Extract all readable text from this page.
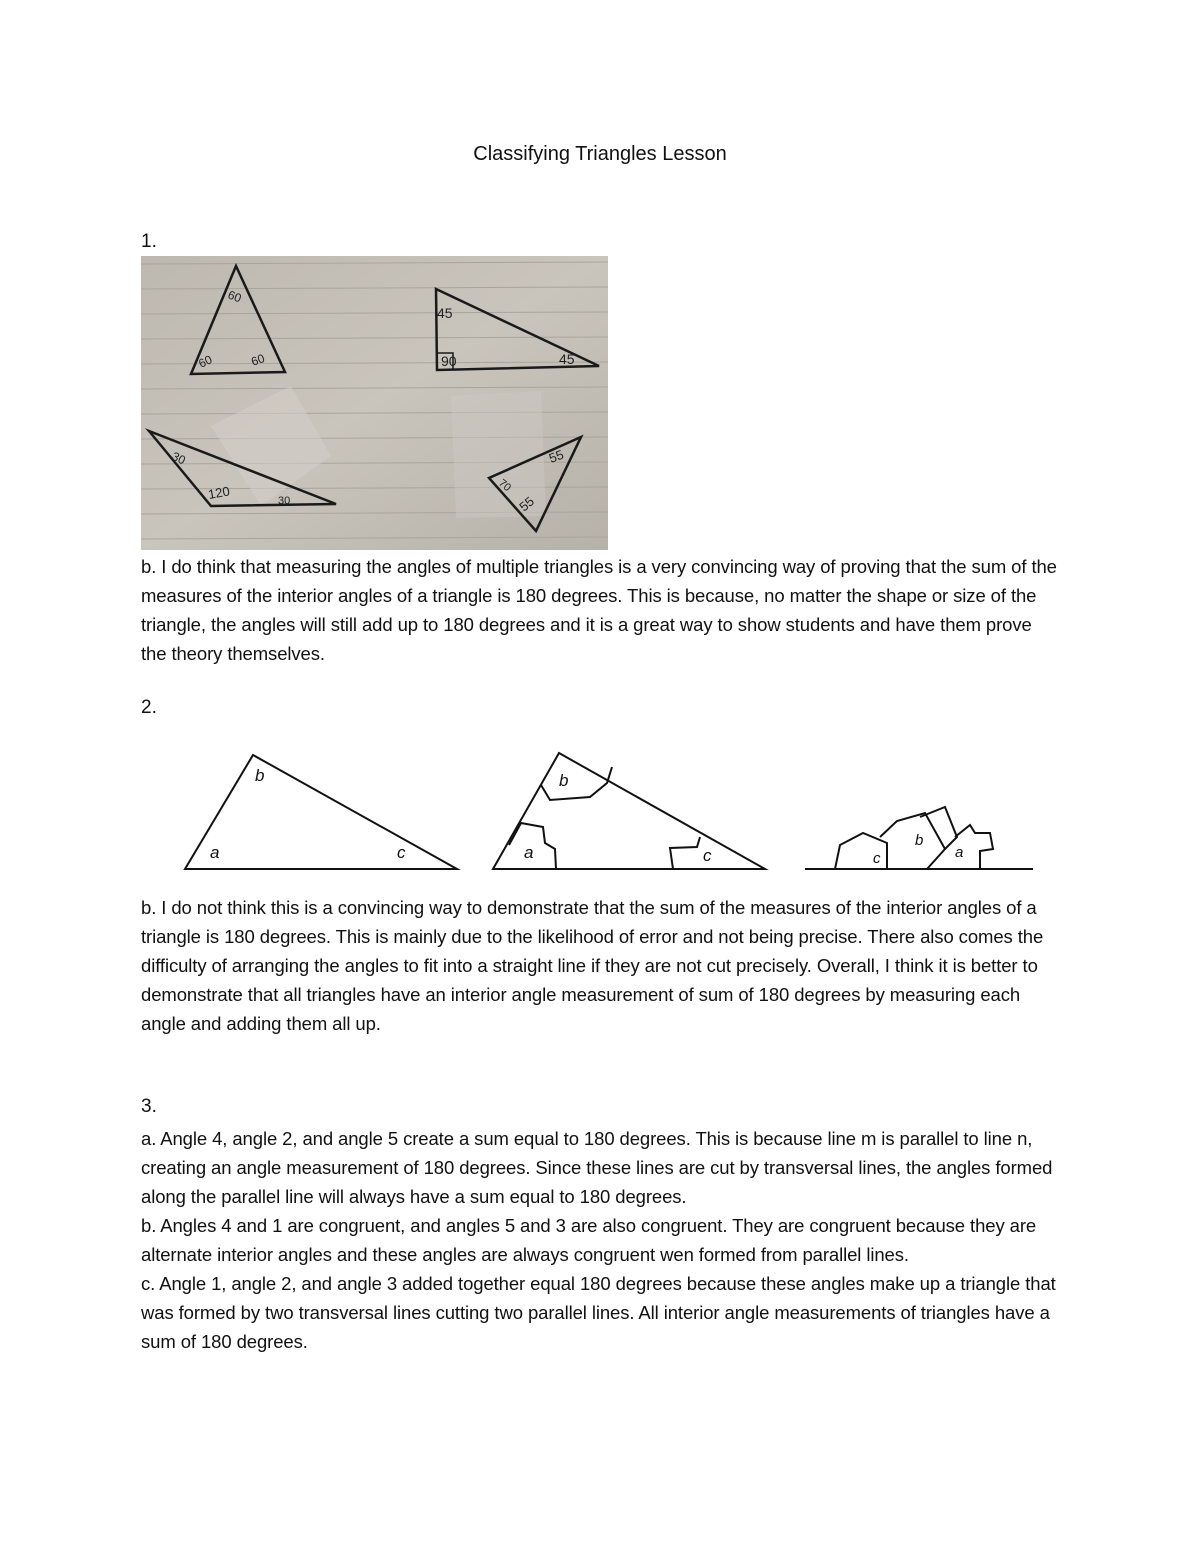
Classifying Triangles Lesson
1.
60
60	60
45
90	45
30
120	30
55
70
55

b. I do think that measuring the angles of multiple triangles is a very convincing way of proving that the sum of the measures of the interior angles of a triangle is 180 degrees. This is because, no matter the shape or size of the triangle, the angles will still add up to 180 degrees and it is a great way to show students and have them prove the theory themselves.

2.
b
a	c
b
a	c	c
b
a

b. I do not think this is a convincing way to demonstrate that the sum of the measures of the interior angles of a triangle is 180 degrees. This is mainly due to the likelihood of error and not being precise. There also comes the difficulty of arranging the angles to fit into a straight line if they are not cut precisely. Overall, I think it is better to demonstrate that all triangles have an interior angle measurement of sum of 180 degrees by measuring each angle and adding them all up.

3.

a. Angle 4, angle 2, and angle 5 create a sum equal to 180 degrees. This is because line m is parallel to line n, creating an angle measurement of 180 degrees. Since these lines are cut by transversal lines, the angles formed along the parallel line will always have a sum equal to 180 degrees.

b. Angles 4 and 1 are congruent, and angles 5 and 3 are also congruent. They are congruent because they are alternate interior angles and these angles are always congruent wen formed from parallel lines.

c. Angle 1, angle 2, and angle 3 added together equal 180 degrees because these angles make up a triangle that was formed by two transversal lines cutting two parallel lines. All interior angle measurements of triangles have a sum of 180 degrees.
